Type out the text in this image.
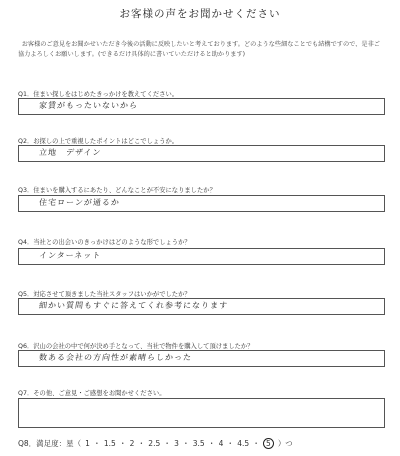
お客様の声をお聞かせください
お客様のご意見をお聞かせいただき今後の活動に反映したいと考えております。どのような些細なことでも結構ですので、是非ご協力よろしくお願いします。(できるだけ具体的に書いていただけると助かります)
Q1．住まい探しをはじめたきっかけを教えてください。
家賃がもったいないから
Q2．お探しの上で重視したポイントはどこでしょうか。
立地　デザイン
Q3．住まいを購入するにあたり、どんなことが不安になりましたか？
住宅ローンが通るか
Q4．当社との出会いのきっかけはどのような形でしょうか？
インターネット
Q5．対応させて頂きました当社スタッフはいかがでしたか？
細かい質問もすぐに答えてくれ参考になります
Q6．沢山の会社の中で何が決め手となって、当社で物件を購入して頂けましたか？
数ある会社の方向性が素晴らしかった
Q7．その他、ご意見・ご感想をお聞かせください。
Q8．満足度：星（ 1 ・ 1.5 ・ 2 ・ 2.5 ・ 3 ・ 3.5 ・ 4 ・ 4.5 ・ 5 ）つ
